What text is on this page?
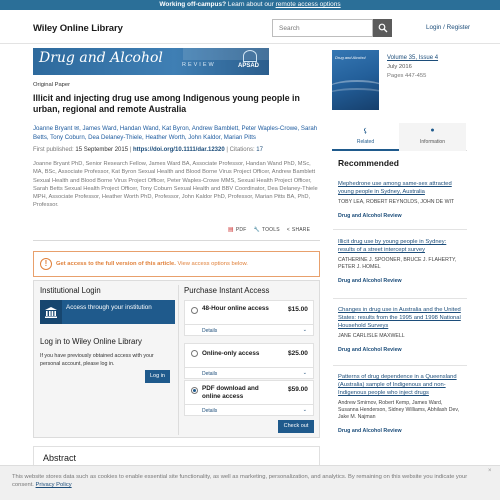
Working off-campus? Learn about our remote access options
Wiley Online Library	Search	Login / Register
Drug and Alcohol	REVIEW	APSAD
Original Paper
Illicit and injecting drug use among Indigenous young people in urban, regional and remote Australia
Joanne Bryant ✉, James Ward, Handan Wand, Kat Byron, Andrew Bamblett, Peter Waples-Crowe, Sarah Betts, Tony Coburn, Dea Delaney-Thiele, Heather Worth, John Kaldor, Marian Pitts
First published: 15 September 2015 | https://doi.org/10.1111/dar.12320 | Citations: 17
Joanne Bryant PhD, Senior Research Fellow, James Ward BA, Associate Professor, Handan Wand PhD, MSc, MA, BSc, Associate Professor, Kat Byron Sexual Health and Blood Borne Virus Project Officer, Andrew Bamblett Sexual Health and Blood Borne Virus Project Officer, Peter Waples-Crowe MMS, Sexual Health Project Officer, Sarah Betts Sexual Health Project Officer, Tony Coburn Sexual Health and BBV Coordinator, Dea Delaney-Thiele MPH, Associate Professor, Heather Worth PhD, Professor, John Kaldor PhD, Professor, Marian Pitts BA, PhD, Professor.
▤ PDF 🔧 TOOLS < SHARE
!	Get access to the full version of this article. View access options below.
Institutional Login
Access through your institution
Log in to Wiley Online Library
If you have previously obtained access with your personal account, please log in.
Log in
Purchase Instant Access
48-Hour online access	$15.00
Details	⌄
Online-only access	$25.00
Details	⌄
PDF download and online access
$59.00
Details	⌄
Check out
Abstract
Drug and Alcohol	Volume 35, Issue 4
July 2016
Pages 447-455
⚸
Related
●
Information
Recommended
Mephedrone use among same-sex attracted young people in Sydney, Australia
TOBY LEA, ROBERT REYNOLDS, JOHN DE WIT
Drug and Alcohol Review
Illicit drug use by young people in Sydney: results of a street intercept survey
CATHERINE J. SPOONER, BRUCE J. FLAHERTY, PETER J. HOMEL
Drug and Alcohol Review
Changes in drug use in Australia and the United States: results from the 1995 and 1998 National Household Surveys
JANE CARLISLE MAXWELL
Drug and Alcohol Review
Patterns of drug dependence in a Queensland (Australia) sample of Indigenous and non-Indigenous people who inject drugs
Andrew Smirnov, Robert Kemp, James Ward, Susanna Henderson, Sidney Williams, Abhilash Dev, Jake M. Najman
Drug and Alcohol Review

This website stores data such as cookies to enable essential site functionality, as well as marketing, personalization, and analytics. By remaining on this website you indicate your consent. Privacy Policy

×
